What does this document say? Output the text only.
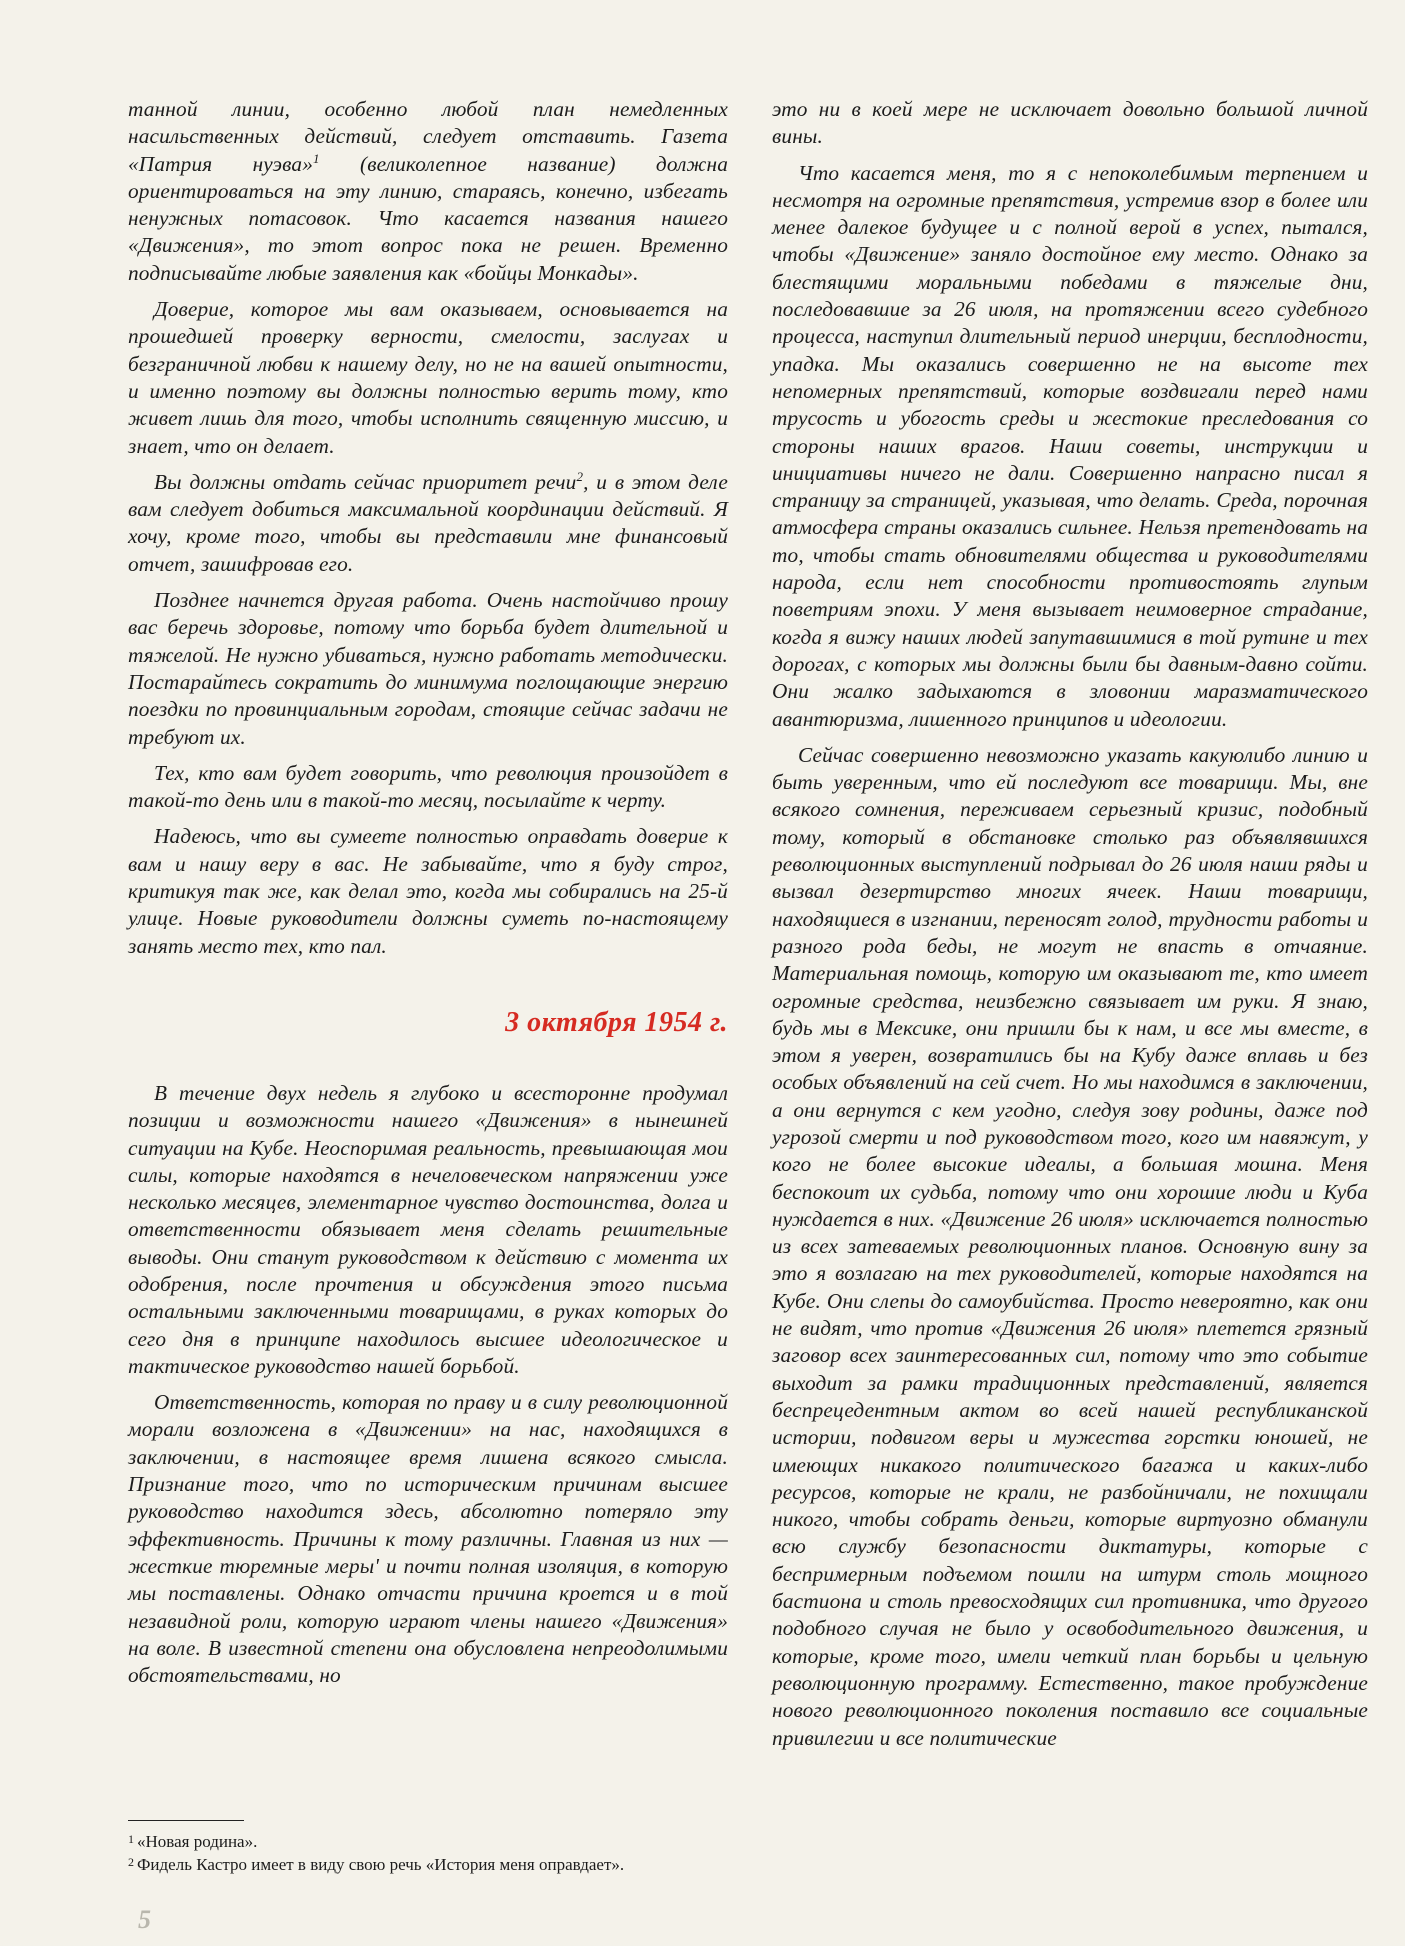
танной линии, особенно любой план немедленных насильственных действий, следует отставить. Газета «Патрия нуэва»$^1$ (великолепное название) должна ориентироваться на эту линию, стараясь, конечно, избегать ненужных потасовок. Что касается названия нашего «Движения», то этот вопрос пока не решен. Временно подписывайте любые заявления как «бойцы Монкады».

Доверие, которое мы вам оказываем, основывается на прошедшей проверку верности, смелости, заслугах и безграничной любви к нашему делу, но не на вашей опытности, и именно поэтому вы должны полностью верить тому, кто живет лишь для того, чтобы исполнить священную миссию, и знает, что он делает.

Вы должны отдать сейчас приоритет речи$^2$, и в этом деле вам следует добиться максимальной координации действий. Я хочу, кроме того, чтобы вы представили мне финансовый отчет, зашифровав его.

Позднее начнется другая работа. Очень настойчиво прошу вас беречь здоровье, потому что борьба будет длительной и тяжелой. Не нужно убиваться, нужно работать методически. Постарайтесь сократить до минимума поглощающие энергию поездки по провинциальным городам, стоящие сейчас задачи не требуют их.

Тех, кто вам будет говорить, что революция произойдет в такой-то день или в такой-то месяц, посылайте к черту.

Надеюсь, что вы сумеете полностью оправдать доверие к вам и нашу веру в вас. Не забывайте, что я буду строг, критикуя так же, как делал это, когда мы собирались на 25-й улице. Новые руководители должны суметь по-настоящему занять место тех, кто пал.

3 октября 1954 г.

В течение двух недель я глубоко и всесторонне продумал позиции и возможности нашего «Движения» в нынешней ситуации на Кубе. Неоспоримая реальность, превышающая мои силы, которые находятся в нечеловеческом напряжении уже несколько месяцев, элементарное чувство достоинства, долга и ответственности обязывает меня сделать решительные выводы. Они станут руководством к действию с момента их одобрения, после прочтения и обсуждения этого письма остальными заключенными товарищами, в руках которых до сего дня в принципе находилось высшее идеологическое и тактическое руководство нашей борьбой.

Ответственность, которая по праву и в силу революционной морали возложена в «Движении» на нас, находящихся в заключении, в настоящее время лишена всякого смысла. Признание того, что по историческим причинам высшее руководство находится здесь, абсолютно потеряло эту эффективность. Причины к тому различны. Главная из них — жесткие тюремные меры' и почти полная изоляция, в которую мы поставлены. Однако отчасти причина кроется и в той незавидной роли, которую играют члены нашего «Движения» на воле. В известной степени она обусловлена непреодолимыми обстоятельствами, но

это ни в коей мере не исключает довольно большой личной вины.

Что касается меня, то я с непоколебимым терпением и несмотря на огромные препятствия, устремив взор в более или менее далекое будущее и с полной верой в успех, пытался, чтобы «Движение» заняло достойное ему место. Однако за блестящими моральными победами в тяжелые дни, последовавшие за 26 июля, на протяжении всего судебного процесса, наступил длительный период инерции, бесплодности, упадка. Мы оказались совершенно не на высоте тех непомерных препятствий, которые воздвигали перед нами трусость и убогость среды и жестокие преследования со стороны наших врагов. Наши советы, инструкции и инициативы ничего не дали. Совершенно напрасно писал я страницу за страницей, указывая, что делать. Среда, порочная атмосфера страны оказались сильнее. Нельзя претендовать на то, чтобы стать обновителями общества и руководителями народа, если нет способности противостоять глупым поветриям эпохи. У меня вызывает неимоверное страдание, когда я вижу наших людей запутавшимися в той рутине и тех дорогах, с которых мы должны были бы давным-давно сойти. Они жалко задыхаются в зловонии маразматического авантюризма, лишенного принципов и идеологии.

Сейчас совершенно невозможно указать какуюлибо линию и быть уверенным, что ей последуют все товарищи. Мы, вне всякого сомнения, переживаем серьезный кризис, подобный тому, который в обстановке столько раз объявлявшихся революционных выступлений подрывал до 26 июля наши ряды и вызвал дезертирство многих ячеек. Наши товарищи, находящиеся в изгнании, переносят голод, трудности работы и разного рода беды, не могут не впасть в отчаяние. Материальная помощь, которую им оказывают те, кто имеет огромные средства, неизбежно связывает им руки. Я знаю, будь мы в Мексике, они пришли бы к нам, и все мы вместе, в этом я уверен, возвратились бы на Кубу даже вплавь и без особых объявлений на сей счет. Но мы находимся в заключении, а они вернутся с кем угодно, следуя зову родины, даже под угрозой смерти и под руководством того, кого им навяжут, у кого не более высокие идеалы, а большая мошна. Меня беспокоит их судьба, потому что они хорошие люди и Куба нуждается в них. «Движение 26 июля» исключается полностью из всех затеваемых революционных планов. Основную вину за это я возлагаю на тех руководителей, которые находятся на Кубе. Они слепы до самоубийства. Просто невероятно, как они не видят, что против «Движения 26 июля» плетется грязный заговор всех заинтересованных сил, потому что это событие выходит за рамки традиционных представлений, является беспрецедентным актом во всей нашей республиканской истории, подвигом веры и мужества горстки юношей, не имеющих никакого политического багажа и каких-либо ресурсов, которые не крали, не разбойничали, не похищали никого, чтобы собрать деньги, которые виртуозно обманули всю службу безопасности диктатуры, которые с беспримерным подъемом пошли на штурм столь мощного бастиона и столь превосходящих сил противника, что другого подобного случая не было у освободительного движения, и которые, кроме того, имели четкий план борьбы и цельную революционную программу. Естественно, такое пробуждение нового революционного поколения поставило все социальные привилегии и все политические

$^1$ «Новая родина».

$^2$ Фидель Кастро имеет в виду свою речь «История меня оправдает».

5
